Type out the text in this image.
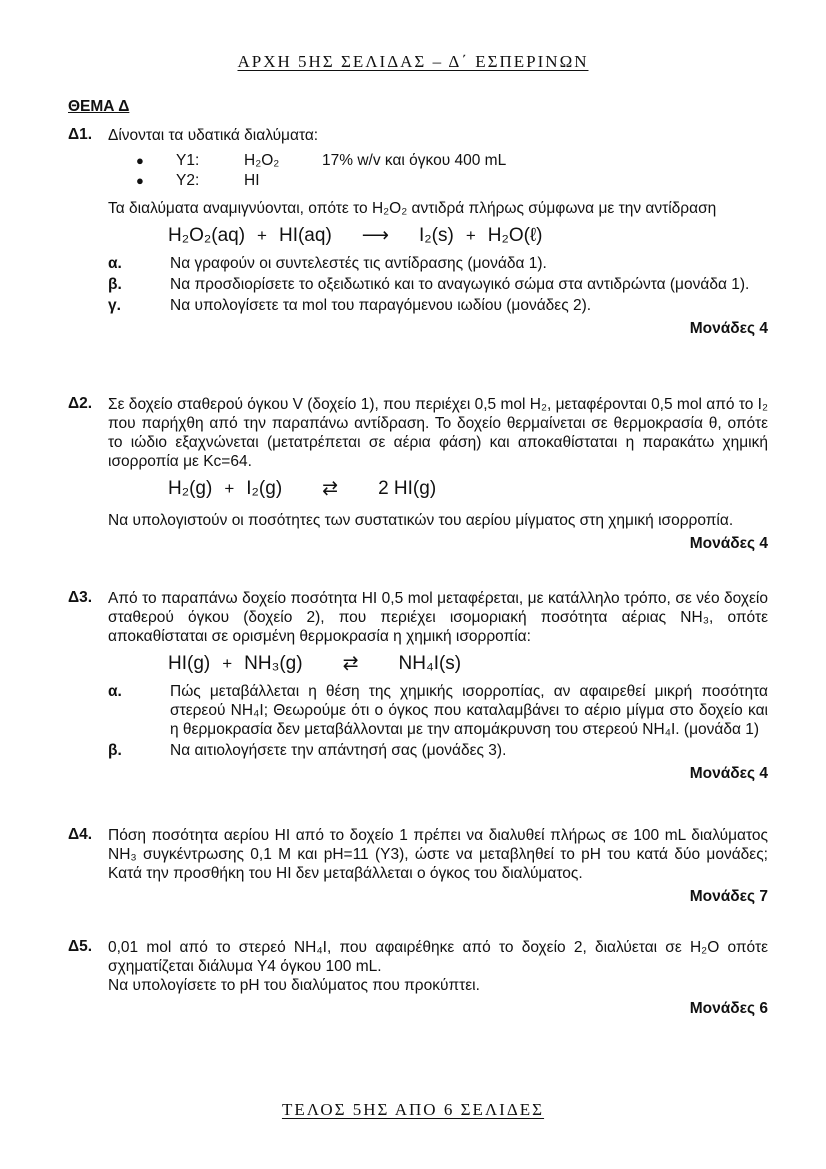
ΑΡΧΗ 5ΗΣ ΣΕΛΙΔΑΣ – Δ΄ ΕΣΠΕΡΙΝΩΝ
ΘΕΜΑ Δ
Δ1. Δίνονται τα υδατικά διαλύματα:

●	Υ1:	H₂O₂	17% w/v και όγκου 400 mL
●	Υ2:	HI

Τα διαλύματα αναμιγνύονται, οπότε το H₂O₂ αντιδρά πλήρως σύμφωνα με την αντίδραση

H₂O₂(aq) + HI(aq) ⟶ I₂(s) + H₂O(ℓ)
α.	Να γραφούν οι συντελεστές τις αντίδρασης (μονάδα 1).
β.	Να προσδιορίσετε το οξειδωτικό και το αναγωγικό σώμα στα αντιδρώντα (μονάδα 1).
γ.	Να υπολογίσετε τα mol του παραγόμενου ιωδίου (μονάδες 2).
Μονάδες 4
Δ2. Σε δοχείο σταθερού όγκου V (δοχείο 1), που περιέχει 0,5 mol H₂, μεταφέρονται 0,5 mol από το I₂ που παρήχθη από την παραπάνω αντίδραση. Το δοχείο θερμαίνεται σε θερμοκρασία θ, οπότε το ιώδιο εξαχνώνεται (μετατρέπεται σε αέρια φάση) και αποκαθίσταται η παρακάτω χημική ισορροπία με Kc=64.

H₂(g) + I₂(g) ⇄ 2 HI(g)

Να υπολογιστούν οι ποσότητες των συστατικών του αερίου μίγματος στη χημική ισορροπία.

Μονάδες 4
Δ3. Από το παραπάνω δοχείο ποσότητα HI 0,5 mol μεταφέρεται, με κατάλληλο τρόπο, σε νέο δοχείο σταθερού όγκου (δοχείο 2), που περιέχει ισομοριακή ποσότητα αέριας NH₃, οπότε αποκαθίσταται σε ορισμένη θερμοκρασία η χημική ισορροπία:

HI(g) + NH₃(g) ⇄ NH₄I(s)
α.	Πώς μεταβάλλεται η θέση της χημικής ισορροπίας, αν αφαιρεθεί μικρή ποσότητα στερεού NH₄I; Θεωρούμε ότι ο όγκος που καταλαμβάνει το αέριο μίγμα στο δοχείο και η θερμοκρασία δεν μεταβάλλονται με την απομάκρυνση του στερεού NH₄I. (μονάδα 1)
β.	Να αιτιολογήσετε την απάντησή σας (μονάδες 3).
Μονάδες 4
Δ4. Πόση ποσότητα αερίου HI από το δοχείο 1 πρέπει να διαλυθεί πλήρως σε 100 mL διαλύματος NH₃ συγκέντρωσης 0,1 M και pH=11 (Υ3), ώστε να μεταβληθεί το pH του κατά δύο μονάδες; Κατά την προσθήκη του HI δεν μεταβάλλεται ο όγκος του διαλύματος.

Μονάδες 7
Δ5. 0,01 mol από το στερεό NH₄I, που αφαιρέθηκε από το δοχείο 2, διαλύεται σε H₂O οπότε σχηματίζεται διάλυμα Υ4 όγκου 100 mL.

Να υπολογίσετε το pH του διαλύματος που προκύπτει.

Μονάδες 6
ΤΕΛΟΣ 5ΗΣ ΑΠΟ 6 ΣΕΛΙΔΕΣ
